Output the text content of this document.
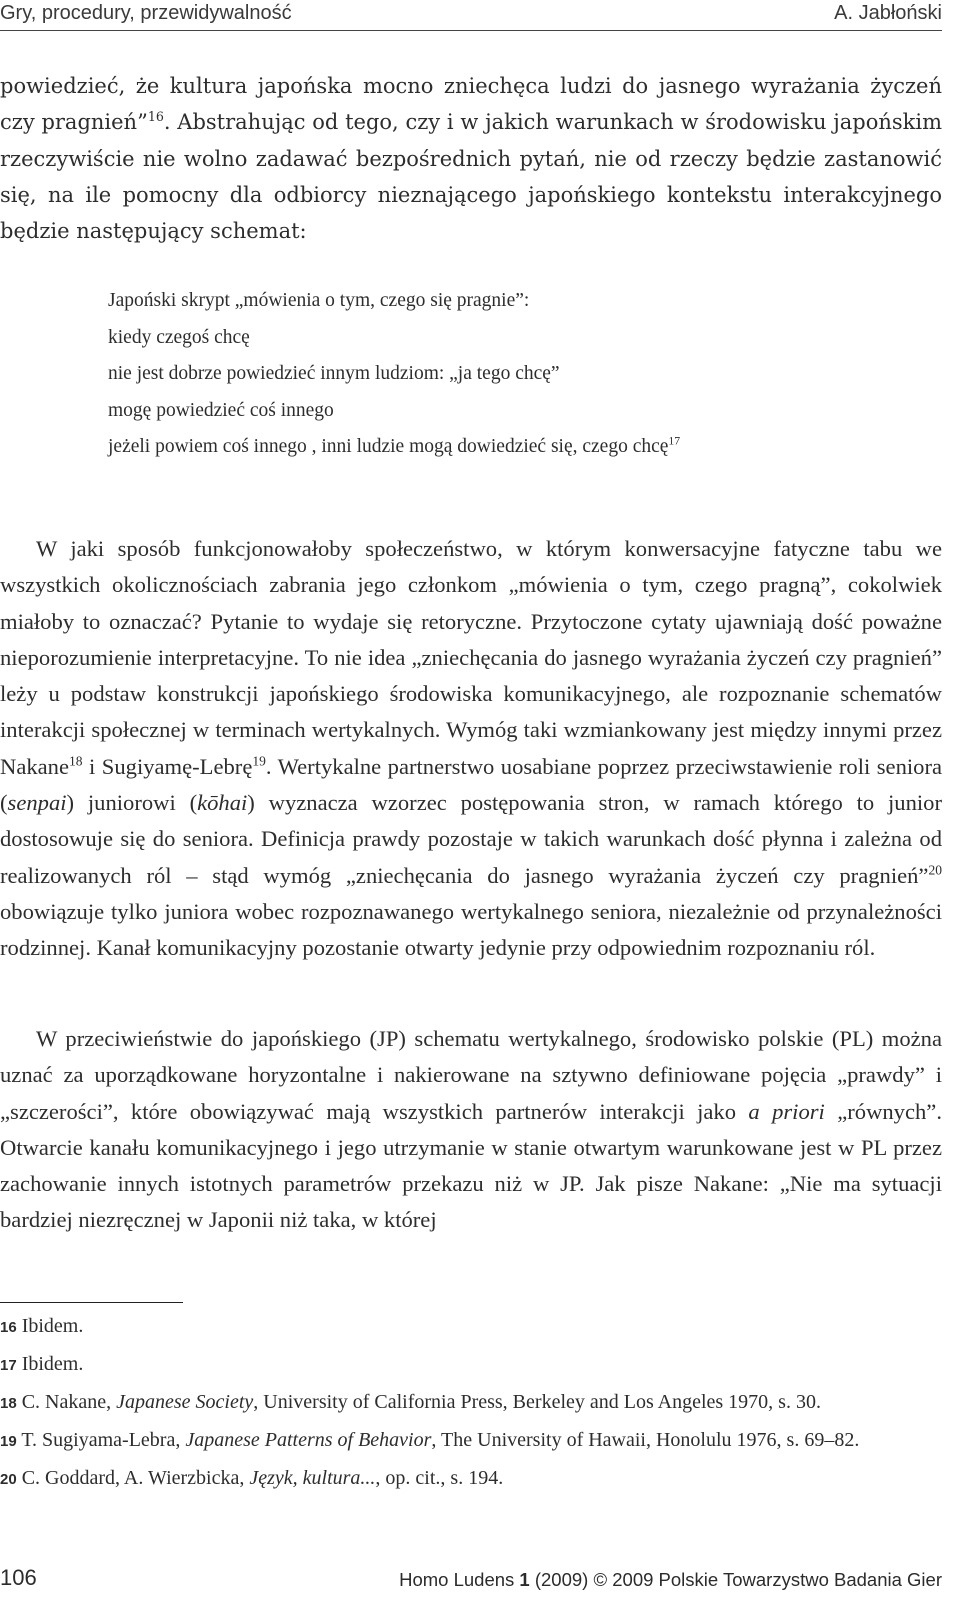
Gry, procedury, przewidywalność	A. Jabłoński

powiedzieć, że kultura japońska mocno zniechęca ludzi do jasnego wyrażania życzeń czy pragnień”$^{16}$. Abstrahując od tego, czy i w jakich warunkach w środowisku japońskim rzeczywiście nie wolno zadawać bezpośrednich pytań, nie od rzeczy będzie zastanowić się, na ile pomocny dla odbiorcy nieznającego japońskiego kontekstu interakcyjnego będzie następujący schemat:

Japoński skrypt „mówienia o tym, czego się pragnie”:
kiedy czegoś chcę
nie jest dobrze powiedzieć innym ludziom: „ja tego chcę”
mogę powiedzieć coś innego
jeżeli powiem coś innego , inni ludzie mogą dowiedzieć się, czego chcę$^{17}$

W jaki sposób funkcjonowałoby społeczeństwo, w którym konwersacyjne fatyczne tabu we wszystkich okolicznościach zabrania jego członkom „mówienia o tym, czego pragną”, cokolwiek miałoby to oznaczać? Pytanie to wydaje się retoryczne. Przytoczone cytaty ujawniają dość poważne nieporozumienie interpretacyjne. To nie idea „zniechęcania do jasnego wyrażania życzeń czy pragnień” leży u podstaw konstrukcji japońskiego środowiska komunikacyjnego, ale rozpoznanie schematów interakcji społecznej w terminach wertykalnych. Wymóg taki wzmiankowany jest między innymi przez Nakane$^{18}$ i Sugiyamę-Lebrę$^{19}$. Wertykalne partnerstwo uosabiane poprzez przeciwstawienie roli seniora (senpai) juniorowi (kōhai) wyznacza wzorzec postępowania stron, w ramach którego to junior dostosowuje się do seniora. Definicja prawdy pozostaje w takich warunkach dość płynna i zależna od realizowanych ról – stąd wymóg „zniechęcania do jasnego wyrażania życzeń czy pragnień”$^{20}$ obowiązuje tylko juniora wobec rozpoznawanego wertykalnego seniora, niezależnie od przynależności rodzinnej. Kanał komunikacyjny pozostanie otwarty jedynie przy odpowiednim rozpoznaniu ról.

W przeciwieństwie do japońskiego (JP) schematu wertykalnego, środowisko polskie (PL) można uznać za uporządkowane horyzontalne i nakierowane na sztywno definiowane pojęcia „prawdy” i „szczerości”, które obowiązywać mają wszystkich partnerów interakcji jako a priori „równych”. Otwarcie kanału komunikacyjnego i jego utrzymanie w stanie otwartym warunkowane jest w PL przez zachowanie innych istotnych parametrów przekazu niż w JP. Jak pisze Nakane: „Nie ma sytuacji bardziej niezręcznej w Japonii niż taka, w której

16 Ibidem.
17 Ibidem.
18 C. Nakane, Japanese Society, University of California Press, Berkeley and Los Angeles 1970, s. 30.
19 T. Sugiyama-Lebra, Japanese Patterns of Behavior, The University of Hawaii, Honolulu 1976, s. 69–82.
20 C. Goddard, A. Wierzbicka, Język, kultura..., op. cit., s. 194.
106	Homo Ludens 1 (2009) © 2009 Polskie Towarzystwo Badania Gier
